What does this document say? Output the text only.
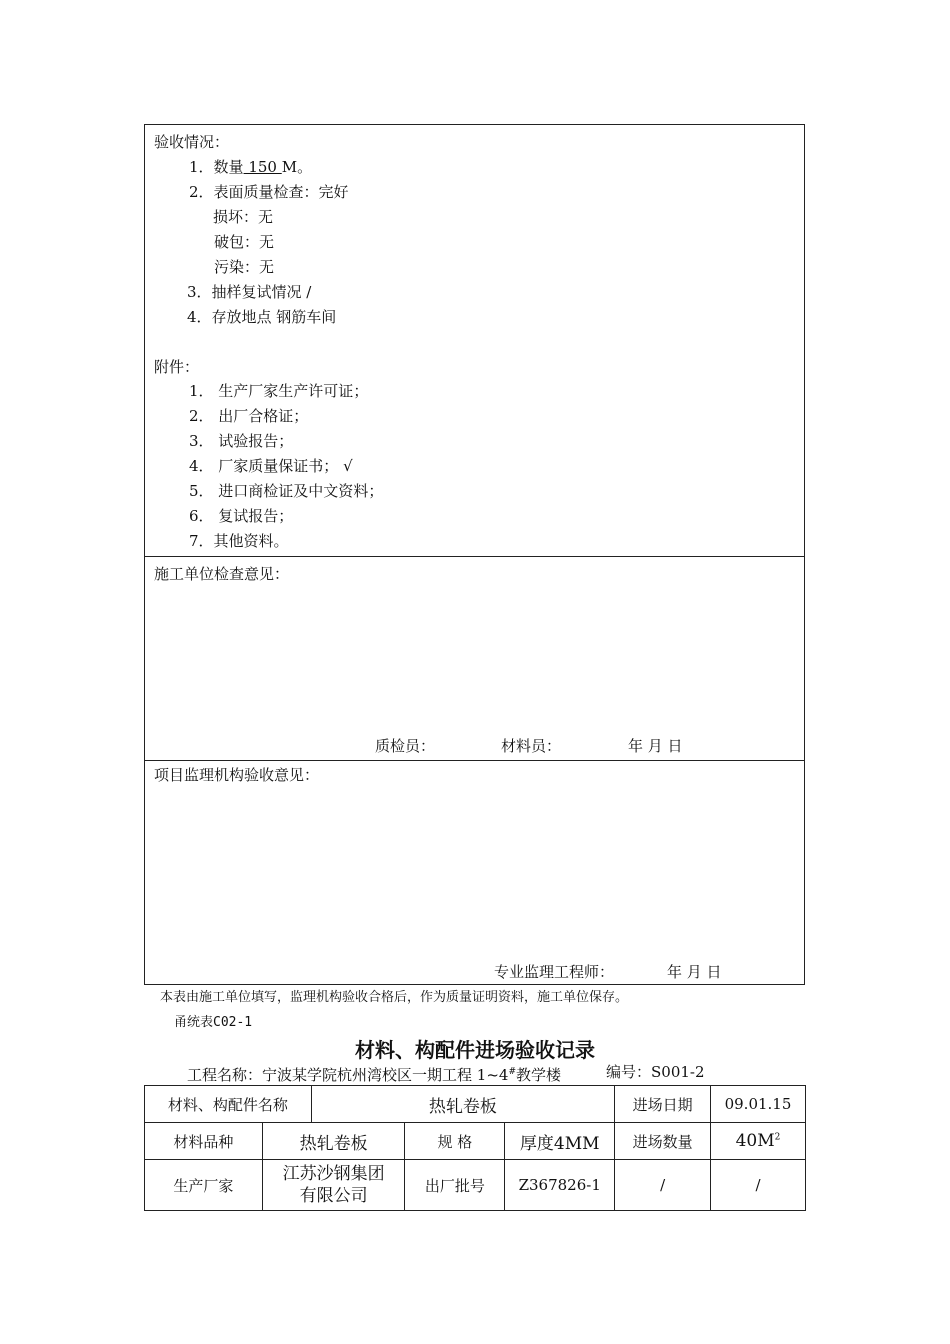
验收情况：
1．数量 150 M。
2．表面质量检查：完好
损坏：无
破包：无
污染：无
3．抽样复试情况 /
4．存放地点 钢筋车间
附件：
1． 生产厂家生产许可证；
2． 出厂合格证；
3． 试验报告；
4． 厂家质量保证书； √
5． 进口商检证及中文资料；
6． 复试报告；
7．其他资料。
施工单位检查意见：
质检员：	材料员：	年 月 日
项目监理机构验收意见：
专业监理工程师：	年 月 日
本表由施工单位填写，监理机构验收合格后，作为质量证明资料，施工单位保存。
甬统表C02-1
材料、构配件进场验收记录
工程名称：宁波某学院杭州湾校区一期工程 1~4#教学楼	编号：S001-2
材料、构配件名称		热轧卷板			进场日期	09.01.15
材料品种	热轧卷板		规 格	厚度4MM	进场数量	$40M^2$
生产厂家	江苏沙钢集团
有限公司		出厂批号	Z367826-1	/	/
